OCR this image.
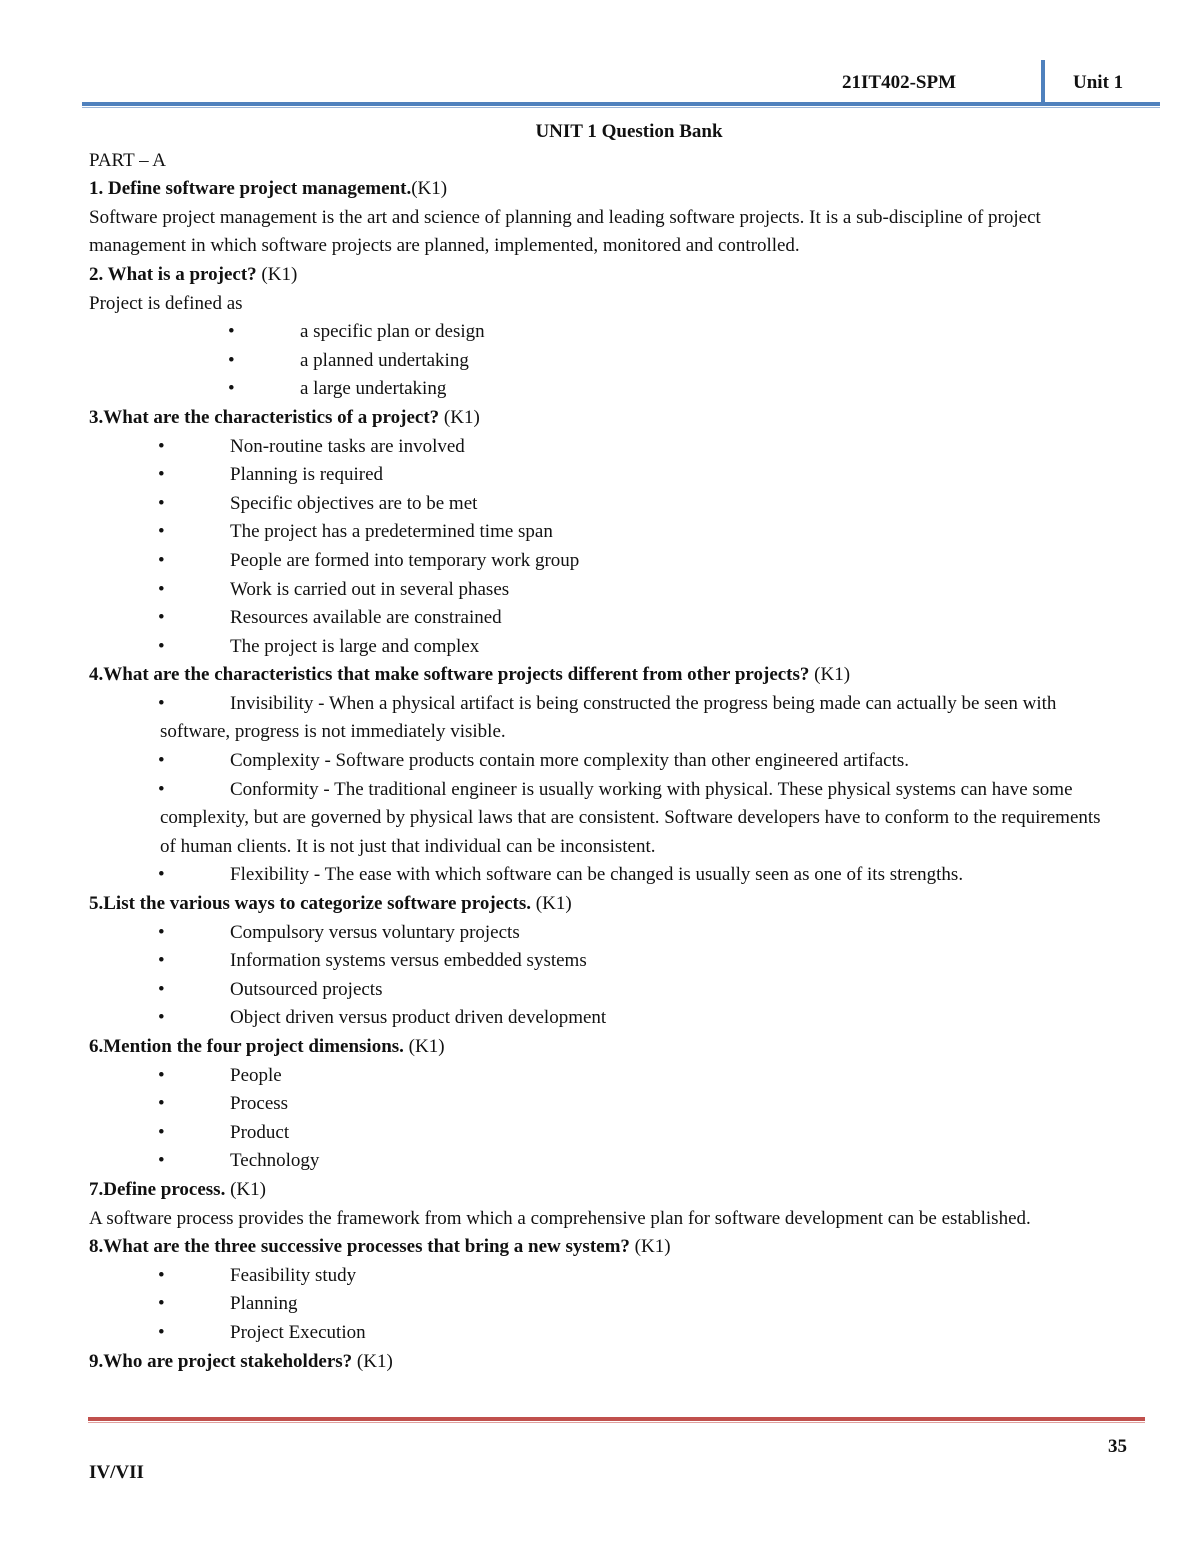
21IT402-SPM	Unit 1

UNIT 1 Question Bank

PART – A

1. Define software project management.(K1)

Software project management is the art and science of planning and leading software projects. It is a sub-discipline of project management in which software projects are planned, implemented, monitored and controlled.

2. What is a project? (K1)

Project is defined as

• a specific plan or design
• a planned undertaking
• a large undertaking

3.What are the characteristics of a project? (K1)

• Non-routine tasks are involved
• Planning is required
• Specific objectives are to be met
• The project has a predetermined time span
• People are formed into temporary work group
• Work is carried out in several phases
• Resources available are constrained
• The project is large and complex

4.What are the characteristics that make software projects different from other projects? (K1)

• Invisibility - When a physical artifact is being constructed the progress being made can actually be seen with software, progress is not immediately visible.
• Complexity - Software products contain more complexity than other engineered artifacts.
• Conformity - The traditional engineer is usually working with physical. These physical systems can have some complexity, but are governed by physical laws that are consistent. Software developers have to conform to the requirements of human clients. It is not just that individual can be inconsistent.
• Flexibility - The ease with which software can be changed is usually seen as one of its strengths.

5.List the various ways to categorize software projects. (K1)

• Compulsory versus voluntary projects
• Information systems versus embedded systems
• Outsourced projects
• Object driven versus product driven development

6.Mention the four project dimensions. (K1)

• People
• Process
• Product
• Technology

7.Define process. (K1)

A software process provides the framework from which a comprehensive plan for software development can be established.

8.What are the three successive processes that bring a new system? (K1)

• Feasibility study
• Planning
• Project Execution

9.Who are project stakeholders? (K1)

35
IV/VII
